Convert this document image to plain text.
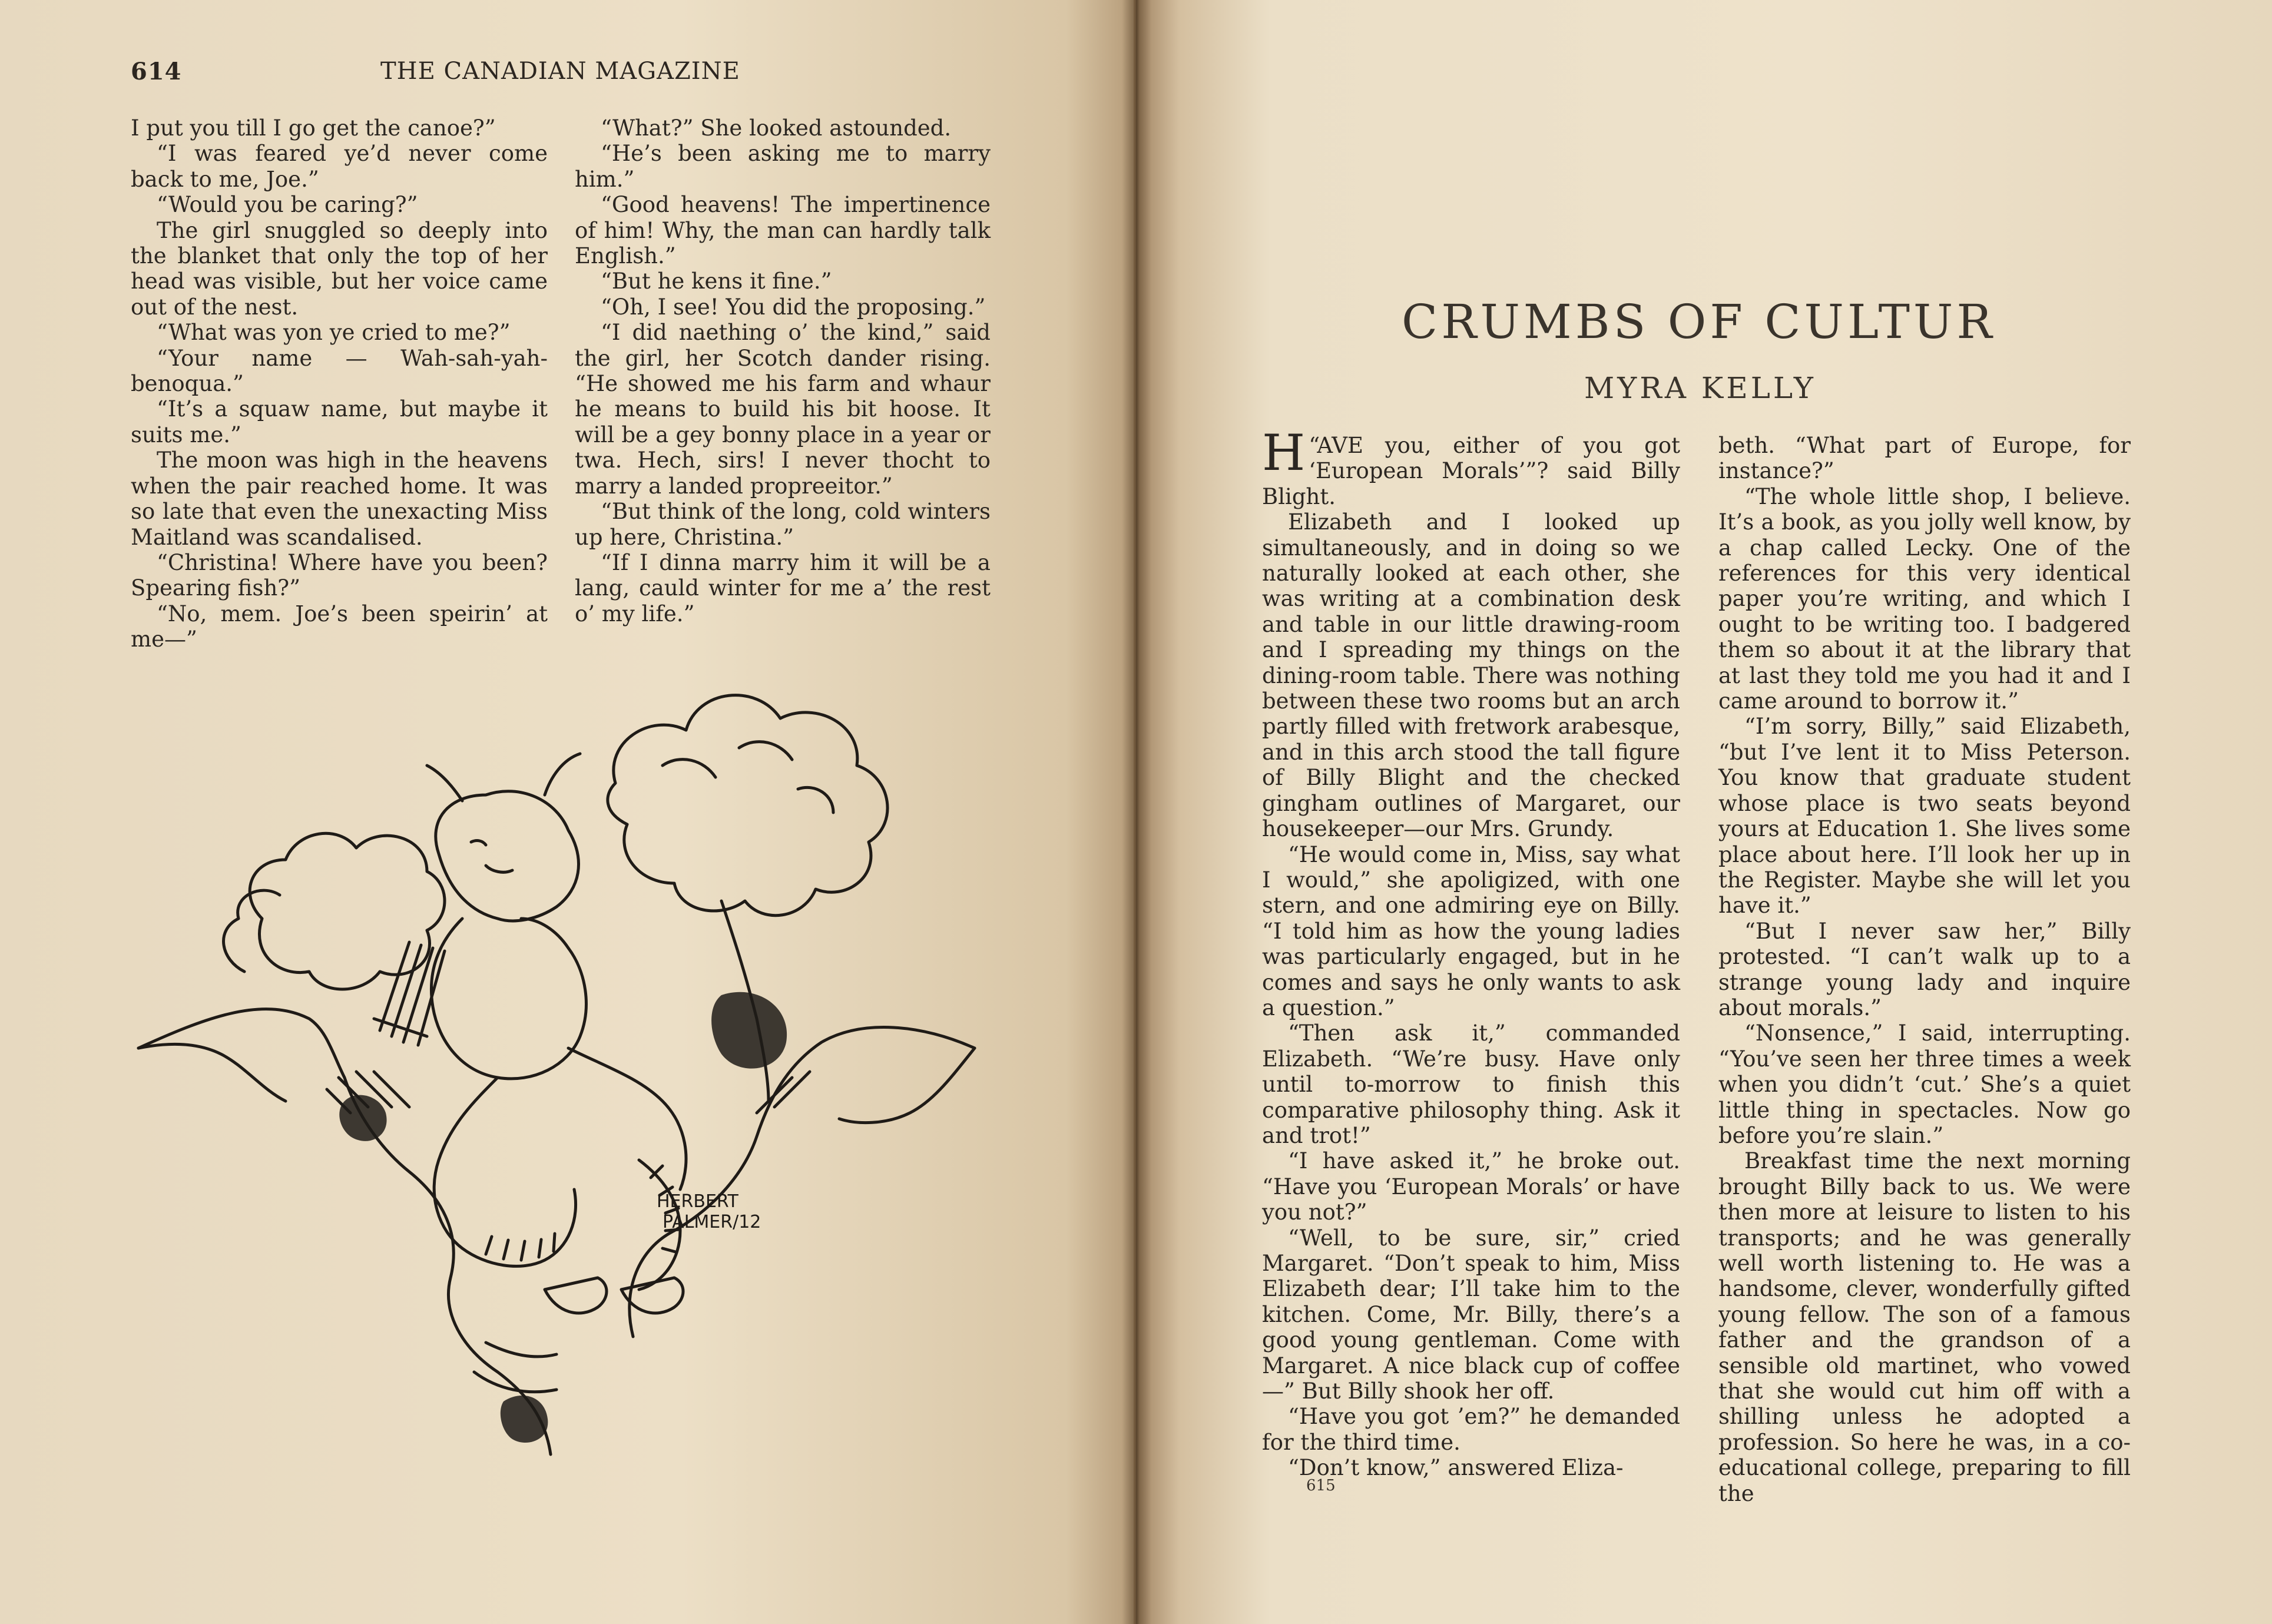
614	THE CANADIAN MAGAZINE

I put you till I go get the canoe?”

“I was feared ye’d never come back to me, Joe.”

“Would you be caring?”

The girl snuggled so deeply into the blanket that only the top of her head was visible, but her voice came out of the nest.

“What was yon ye cried to me?”

“Your name — Wah-sah-yah-benoqua.”

“It’s a squaw name, but maybe it suits me.”

The moon was high in the heavens when the pair reached home. It was so late that even the unexacting Miss Maitland was scandalised.

“Christina! Where have you been? Spearing fish?”

“No, mem. Joe’s been speirin’ at me—”

“What?” She looked astounded.

“He’s been asking me to marry him.”

“Good heavens! The impertinence of him! Why, the man can hardly talk English.”

“But he kens it fine.”

“Oh, I see! You did the proposing.”

“I did naething o’ the kind,” said the girl, her Scotch dander rising. “He showed me his farm and whaur he means to build his bit hoose. It will be a gey bonny place in a year or twa. Hech, sirs! I never thocht to marry a landed propreeitor.”

“But think of the long, cold winters up here, Christina.”

“If I dinna marry him it will be a lang, cauld winter for me a’ the rest o’ my life.”

HERBERT
PALMER/12
CRUMBS OF CULTUR
MYRA KELLY

H “AVE you, either of you got ‘European Morals’”? said Billy Blight.

Elizabeth and I looked up simultaneously, and in doing so we naturally looked at each other, she was writing at a combination desk and table in our little drawing-room and I spreading my things on the dining-room table. There was nothing between these two rooms but an arch partly filled with fretwork arabesque, and in this arch stood the tall figure of Billy Blight and the checked gingham outlines of Margaret, our housekeeper—our Mrs. Grundy.

“He would come in, Miss, say what I would,” she apoligized, with one stern, and one admiring eye on Billy. “I told him as how the young ladies was particularly engaged, but in he comes and says he only wants to ask a question.”

“Then ask it,” commanded Elizabeth. “We’re busy. Have only until to-morrow to finish this comparative philosophy thing. Ask it and trot!”

“I have asked it,” he broke out. “Have you ‘European Morals’ or have you not?”

“Well, to be sure, sir,” cried Margaret. “Don’t speak to him, Miss Elizabeth dear; I’ll take him to the kitchen. Come, Mr. Billy, there’s a good young gentleman. Come with Margaret. A nice black cup of coffee—” But Billy shook her off.

“Have you got ’em?” he demanded for the third time.

“Don’t know,” answered Eliza-

beth. “What part of Europe, for instance?”

“The whole little shop, I believe. It’s a book, as you jolly well know, by a chap called Lecky. One of the references for this very identical paper you’re writing, and which I ought to be writing too. I badgered them so about it at the library that at last they told me you had it and I came around to borrow it.”

“I’m sorry, Billy,” said Elizabeth, “but I’ve lent it to Miss Peterson. You know that graduate student whose place is two seats beyond yours at Education 1. She lives some place about here. I’ll look her up in the Register. Maybe she will let you have it.”

“But I never saw her,” Billy protested. “I can’t walk up to a strange young lady and inquire about morals.”

“Nonsence,” I said, interrupting. “You’ve seen her three times a week when you didn’t ‘cut.’ She’s a quiet little thing in spectacles. Now go before you’re slain.”

Breakfast time the next morning brought Billy back to us. We were then more at leisure to listen to his transports; and he was generally well worth listening to. He was a handsome, clever, wonderfully gifted young fellow. The son of a famous father and the grandson of a sensible old martinet, who vowed that she would cut him off with a shilling unless he adopted a profession. So here he was, in a co-educational college, preparing to fill the

615
